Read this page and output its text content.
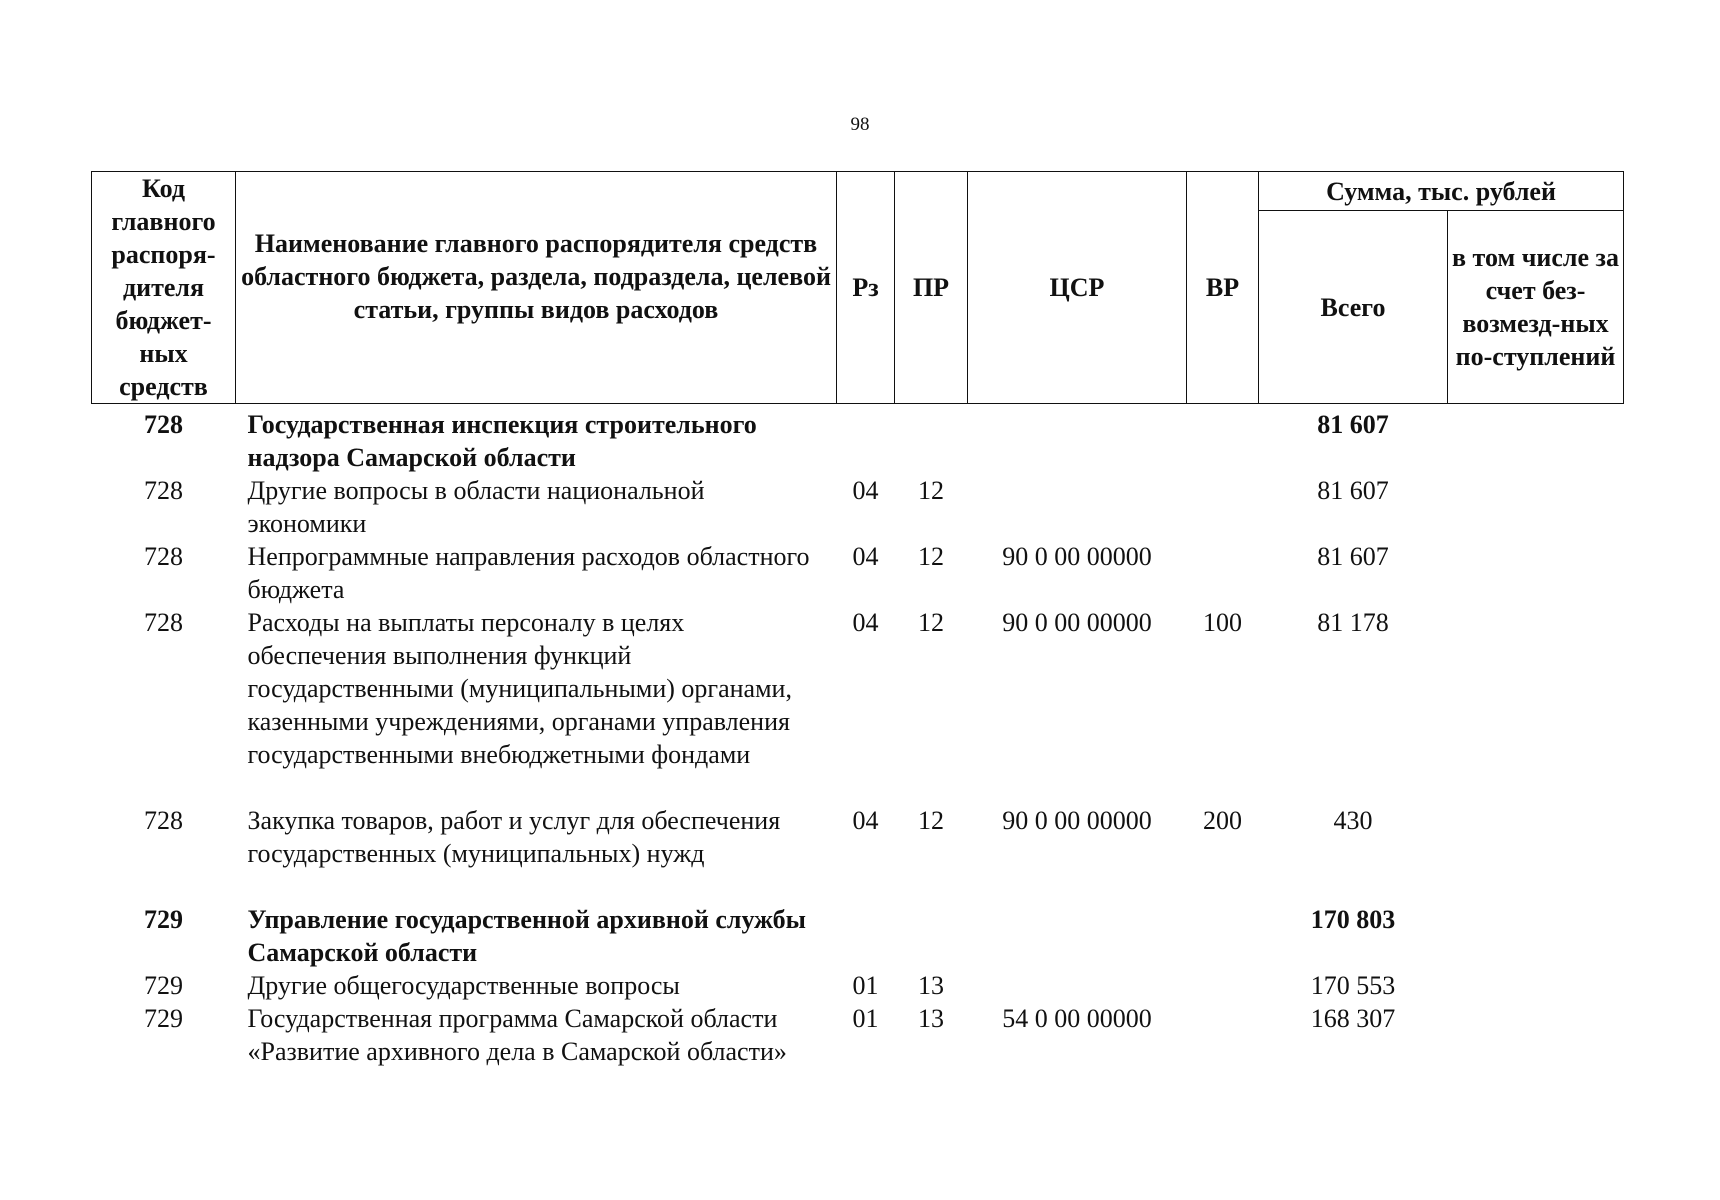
98
Код главного распоря-дителя бюджет-ных средств	Наименование главного распорядителя средств областного бюджета, раздела, подраздела, целевой статьи, группы видов расходов	Рз	ПР	ЦСР	ВР	Сумма, тыс. рублей	
						Всего	в том числе за счет без-возмезд-ных по-ступлений
728	Государственная инспекция строительного надзора Самарской области					81 607	
728	Другие вопросы в области национальной экономики	04	12			81 607	
728	Непрограммные направления расходов областного бюджета	04	12	90 0 00 00000		81 607	
728	Расходы на выплаты персоналу в целях обеспечения выполнения функций государственными (муниципальными) органами, казенными учреждениями, органами управления государственными внебюджетными фондами	04	12	90 0 00 00000	100	81 178	
728	Закупка товаров, работ и услуг для обеспечения государственных (муниципальных) нужд	04	12	90 0 00 00000	200	430	
729	Управление государственной архивной службы Самарской области					170 803	
729	Другие общегосударственные вопросы	01	13			170 553	
729	Государственная программа Самарской области «Развитие архивного дела в Самарской области»	01	13	54 0 00 00000		168 307	
